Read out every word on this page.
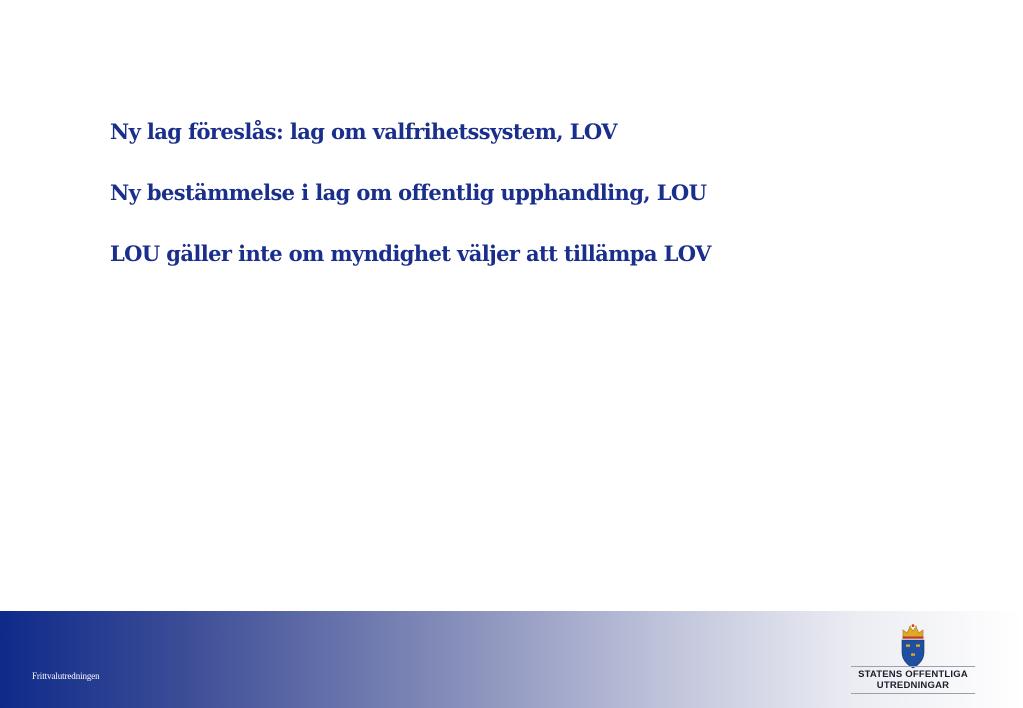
Ny lag föreslås: lag om valfrihetssystem, LOV
Ny bestämmelse i lag om offentlig upphandling, LOU
LOU gäller inte om myndighet väljer att tillämpa LOV
Frittvalutredningen	STATENS OFFENTLIGA
UTREDNINGAR
